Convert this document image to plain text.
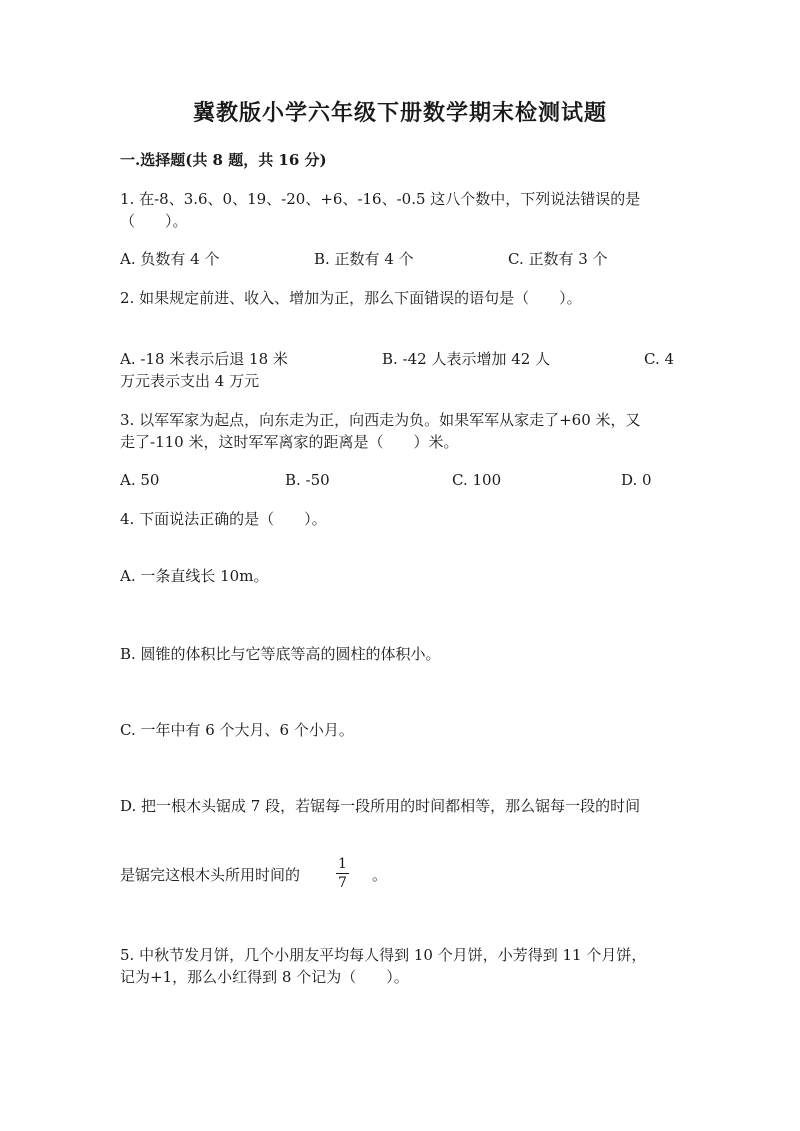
冀教版小学六年级下册数学期末检测试题
一.选择题(共 8 题，共 16 分)
1. 在-8、3.6、0、19、-20、+6、-16、-0.5 这八个数中，下列说法错误的是
（　　）。
A. 负数有 4 个	B. 正数有 4 个	C. 正数有 3 个
2. 如果规定前进、收入、增加为正，那么下面错误的语句是（　　）。
A. -18 米表示后退 18 米	B. -42 人表示增加 42 人	C. 4
万元表示支出 4 万元
3. 以军军家为起点，向东走为正，向西走为负。如果军军从家走了+60 米，又
走了-110 米，这时军军离家的距离是（　　）米。
A. 50	B. -50	C. 100	D. 0
4. 下面说法正确的是（　　）。
A. 一条直线长 10m。
B. 圆锥的体积比与它等底等高的圆柱的体积小。
C. 一年中有 6 个大月、6 个小月。
D. 把一根木头锯成 7 段，若锯每一段所用的时间都相等，那么锯每一段的时间
是锯完这根木头所用时间的
1
7 。
5. 中秋节发月饼，几个小朋友平均每人得到 10 个月饼，小芳得到 11 个月饼，
记为+1，那么小红得到 8 个记为（　　）。
